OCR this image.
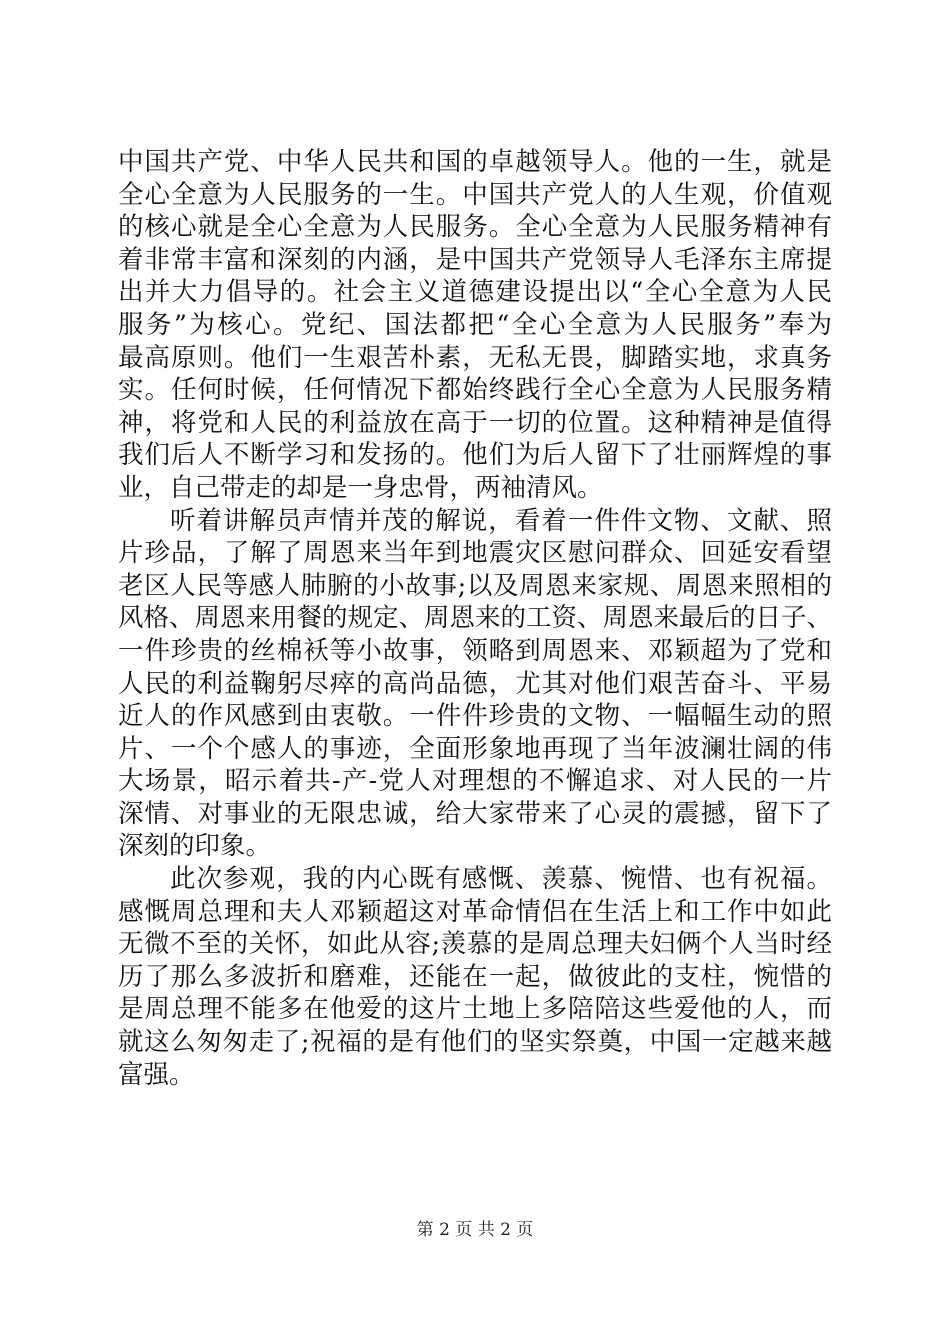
中国共产党、中华人民共和国的卓越领导人。他的一生，就是
全心全意为人民服务的一生。中国共产党人的人生观，价值观
的核心就是全心全意为人民服务。全心全意为人民服务精神有
着非常丰富和深刻的内涵，是中国共产党领导人毛泽东主席提
出并大力倡导的。社会主义道德建设提出以“全心全意为人民
服务”为核心。党纪、国法都把“全心全意为人民服务”奉为
最高原则。他们一生艰苦朴素，无私无畏，脚踏实地，求真务
实。任何时候，任何情况下都始终践行全心全意为人民服务精
神，将党和人民的利益放在高于一切的位置。这种精神是值得
我们后人不断学习和发扬的。他们为后人留下了壮丽辉煌的事
业，自己带走的却是一身忠骨，两袖清风。
听着讲解员声情并茂的解说，看着一件件文物、文献、照
片珍品，了解了周恩来当年到地震灾区慰问群众、回延安看望
老区人民等感人肺腑的小故事;以及周恩来家规、周恩来照相的
风格、周恩来用餐的规定、周恩来的工资、周恩来最后的日子、
一件珍贵的丝棉袄等小故事，领略到周恩来、邓颖超为了党和
人民的利益鞠躬尽瘁的高尚品德，尤其对他们艰苦奋斗、平易
近人的作风感到由衷敬。一件件珍贵的文物、一幅幅生动的照
片、一个个感人的事迹，全面形象地再现了当年波澜壮阔的伟
大场景，昭示着共-产-党人对理想的不懈追求、对人民的一片
深情、对事业的无限忠诚，给大家带来了心灵的震撼，留下了
深刻的印象。
此次参观，我的内心既有感慨、羡慕、惋惜、也有祝福。
感慨周总理和夫人邓颖超这对革命情侣在生活上和工作中如此
无微不至的关怀，如此从容;羡慕的是周总理夫妇俩个人当时经
历了那么多波折和磨难，还能在一起，做彼此的支柱，惋惜的
是周总理不能多在他爱的这片土地上多陪陪这些爱他的人，而
就这么匆匆走了;祝福的是有他们的坚实祭奠，中国一定越来越
富强。
第 2 页 共 2 页
